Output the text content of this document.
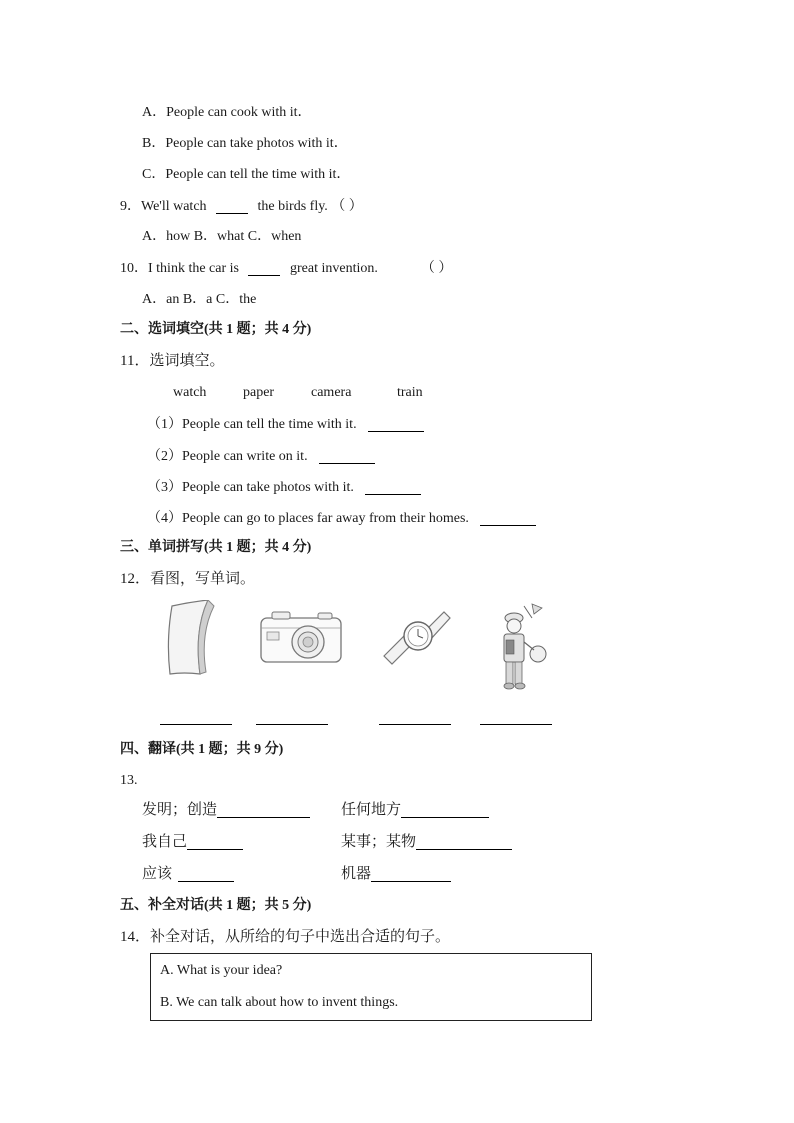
A．People can cook with it．
B．People can take photos with it．
C．People can tell the time with it．
9．We'll watch	the birds fly. （ ）
A．how B．what C．when
10．I think the car is	great invention.	（ ）
A．an B．a C．the
二、选词填空(共 1 题；共 4 分)
11．选词填空。
watch	paper	camera	train
（1）People can tell the time with it.
（2）People can write on it.
（3）People can take photos with it.
（4）People can go to places far away from their homes.
三、单词拼写(共 1 题；共 4 分)
12．看图，写单词。
四、翻译(共 1 题；共 9 分)
13.
发明；创造	任何地方
我自己	某事；某物
应该	机器
五、补全对话(共 1 题；共 5 分)
14．补全对话，从所给的句子中选出合适的句子。
A. What is your idea?
B. We can talk about how to invent things.
